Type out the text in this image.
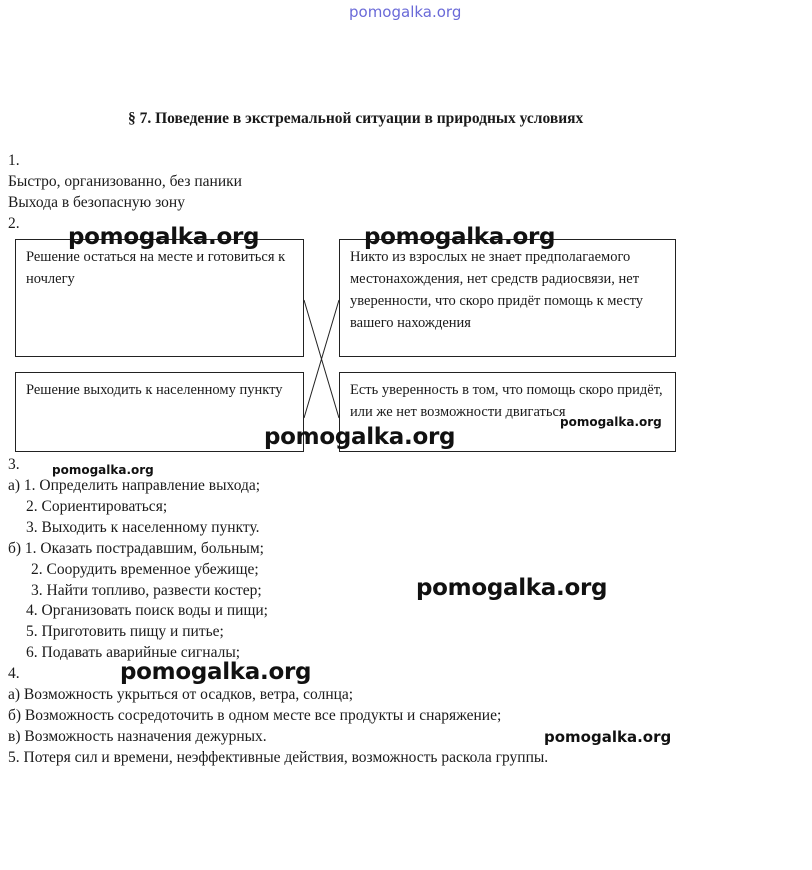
pomogalka.org
§ 7. Поведение в экстремальной ситуации в природных условиях
1.
Быстро, организованно, без паники
Выхода в безопасную зону
2.
Решение остаться на месте и готовиться к ночлегу
Никто из взрослых не знает предполагаемого местонахождения, нет средств радиосвязи, нет уверенности, что скоро придёт помощь к месту вашего нахождения
Решение выходить к населенному пункту	Есть уверенность в том, что помощь скоро придёт, или же нет возможности двигаться
3.
а) 1. Определить направление выхода;
2. Сориентироваться;
3. Выходить к населенному пункту.
б) 1. Оказать пострадавшим, больным;
2. Соорудить временное убежище;
3. Найти топливо, развести костер;
4. Организовать поиск воды и пищи;
5. Приготовить пищу и питье;
6. Подавать аварийные сигналы;
4.
а) Возможность укрыться от осадков, ветра, солнца;
б) Возможность сосредоточить в одном месте все продукты и снаряжение;
в) Возможность назначения дежурных.
5. Потеря сил и времени, неэффективные действия, возможность раскола группы.
pomogalka.org	pomogalka.org
pomogalka.org
pomogalka.org
pomogalka.org
pomogalka.org
pomogalka.org
pomogalka.org
